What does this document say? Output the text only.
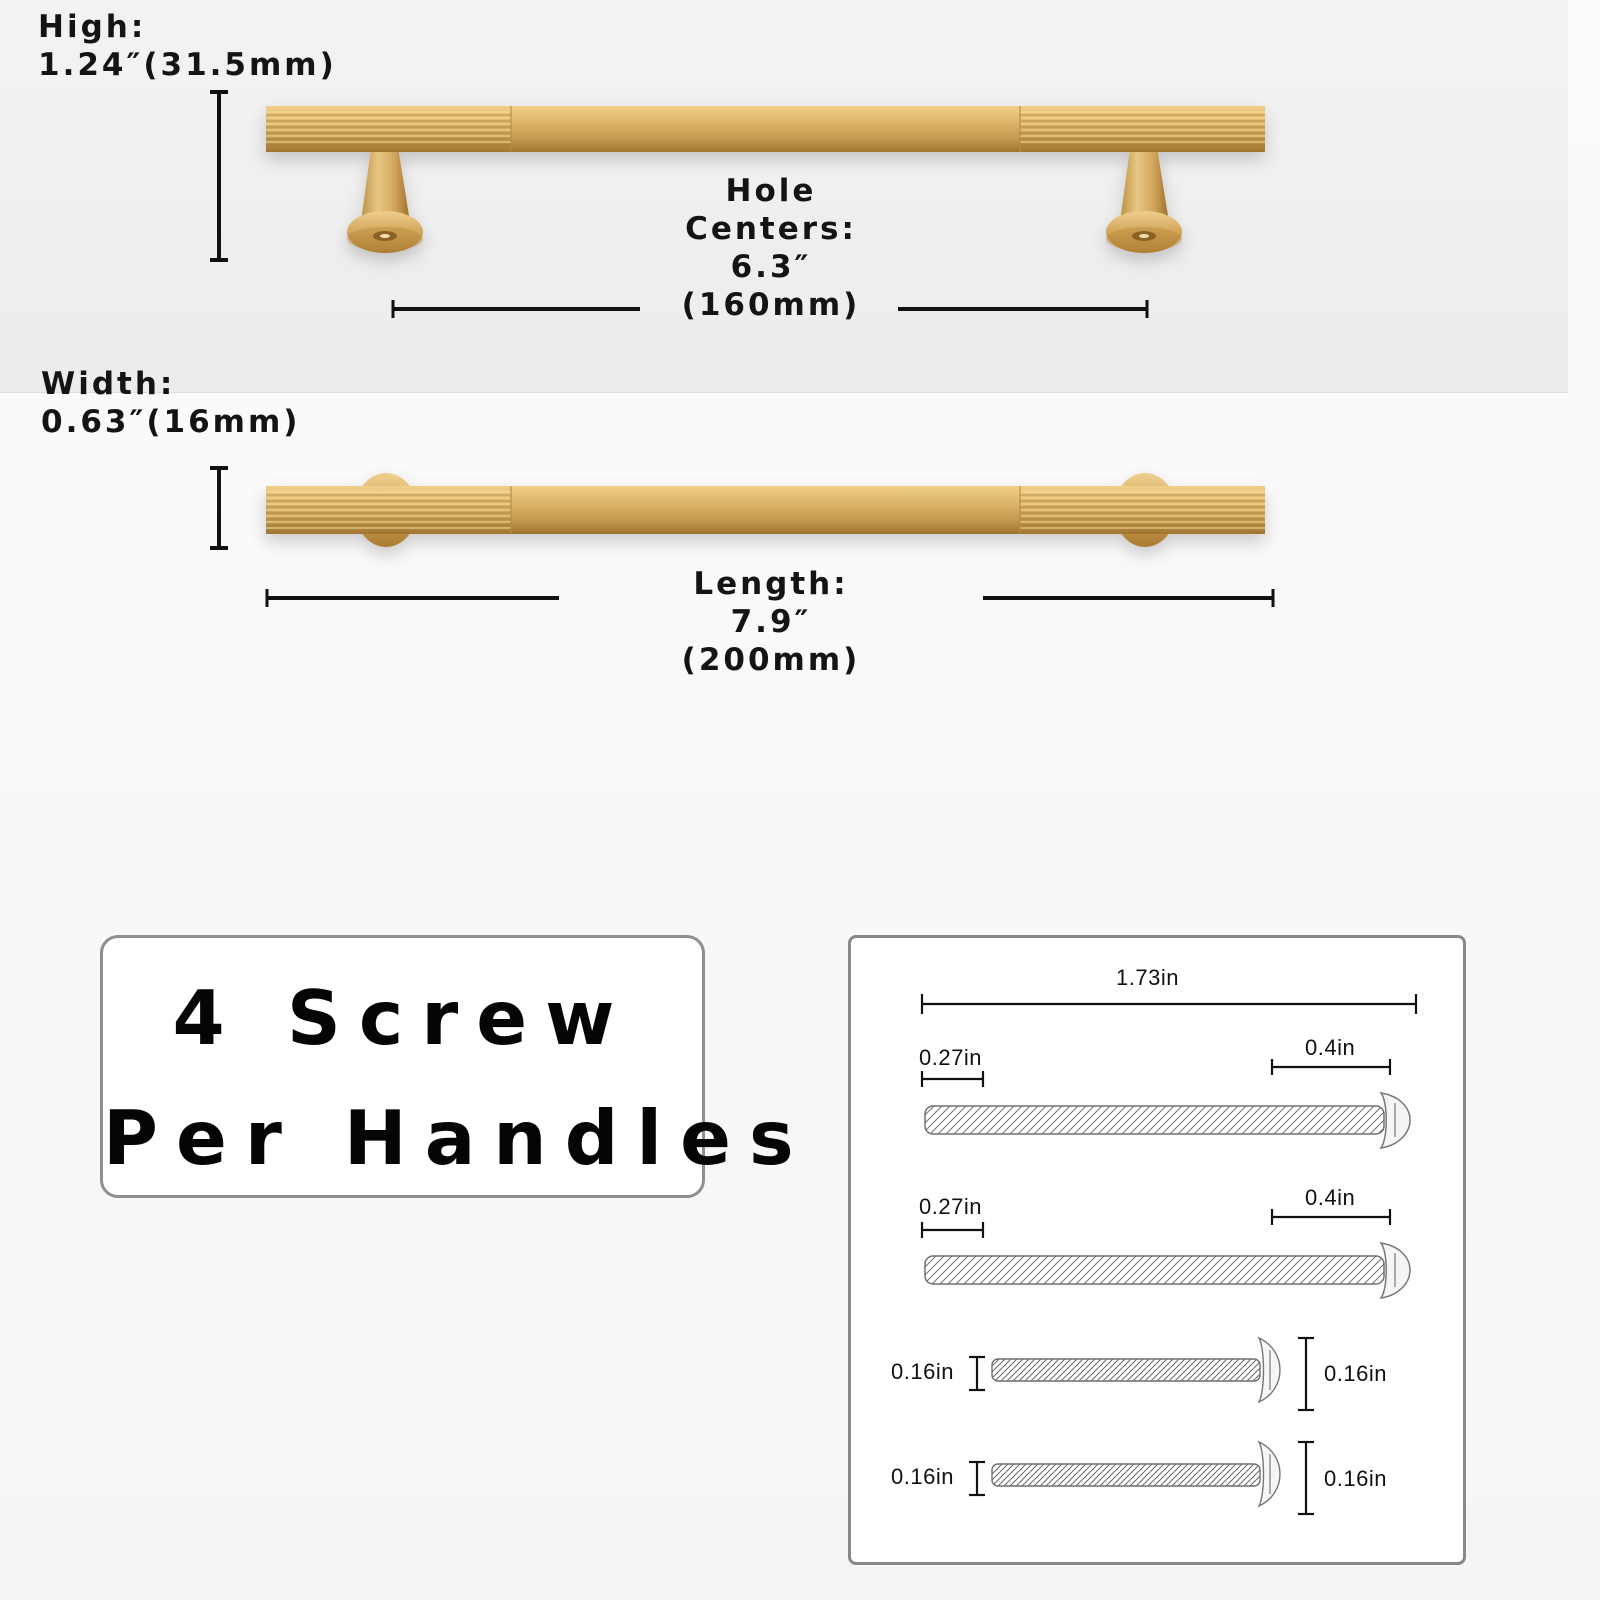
High:
1.24″(31.5mm)
Hole
Centers:
6.3″
(160mm)
Width:
0.63″(16mm)
Length:
7.9″
(200mm)
4 Screw
Per Handles
1.73in
0.27in	0.4in
0.27in	0.4in
0.16in	0.16in
0.16in	0.16in
